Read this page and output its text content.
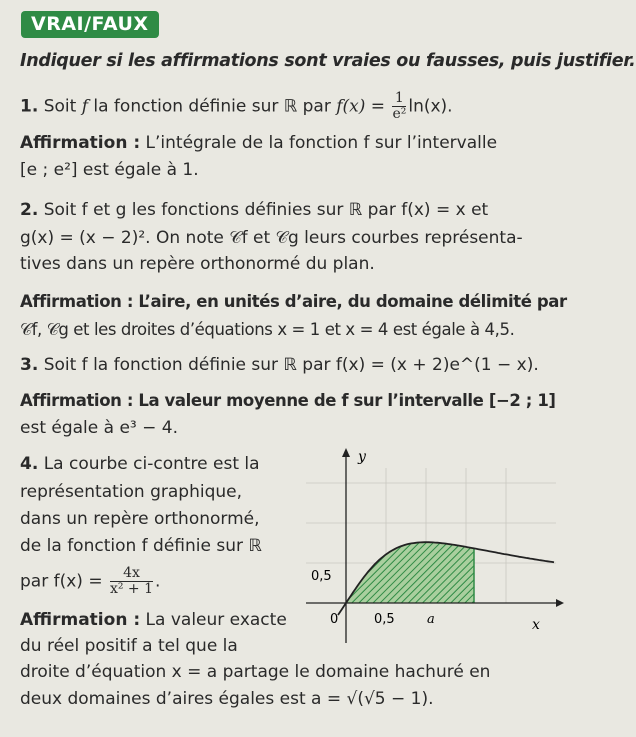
VRAI/FAUX
Indiquer si les affirmations sont vraies ou fausses, puis justifier.
1. Soit f la fonction définie sur ℝ par $f(x) = \frac{1}{\text{e²}} \ln(x)$.
Affirmation : L’intégrale de la fonction f sur l’intervalle
[e ; e²] est égale à 1.
2. Soit f et g les fonctions définies sur ℝ par f(x) = x et
g(x) = (x − 2)². On note 𝒞f et 𝒞g leurs courbes représenta-
tives dans un repère orthonormé du plan.
Affirmation : L’aire, en unités d’aire, du domaine délimité par
𝒞f, 𝒞g et les droites d’équations x = 1 et x = 4 est égale à 4,5.
3. Soit f la fonction définie sur ℝ par f(x) = (x + 2)e^(1 − x).
Affirmation : La valeur moyenne de f sur l’intervalle [−2 ; 1]
est égale à e³ − 4.
4. La courbe ci-contre est la
représentation graphique,
dans un repère orthonormé,
de la fonction f définie sur ℝ
par $f(x) = \frac{4x}{\text{x² + 1}}$ .
Affirmation : La valeur exacte
du réel positif a tel que la
droite d’équation x = a partage le domaine hachuré en
deux domaines d’aires égales est a = √(√5 − 1).
y
x
0,5
0	0,5 a
